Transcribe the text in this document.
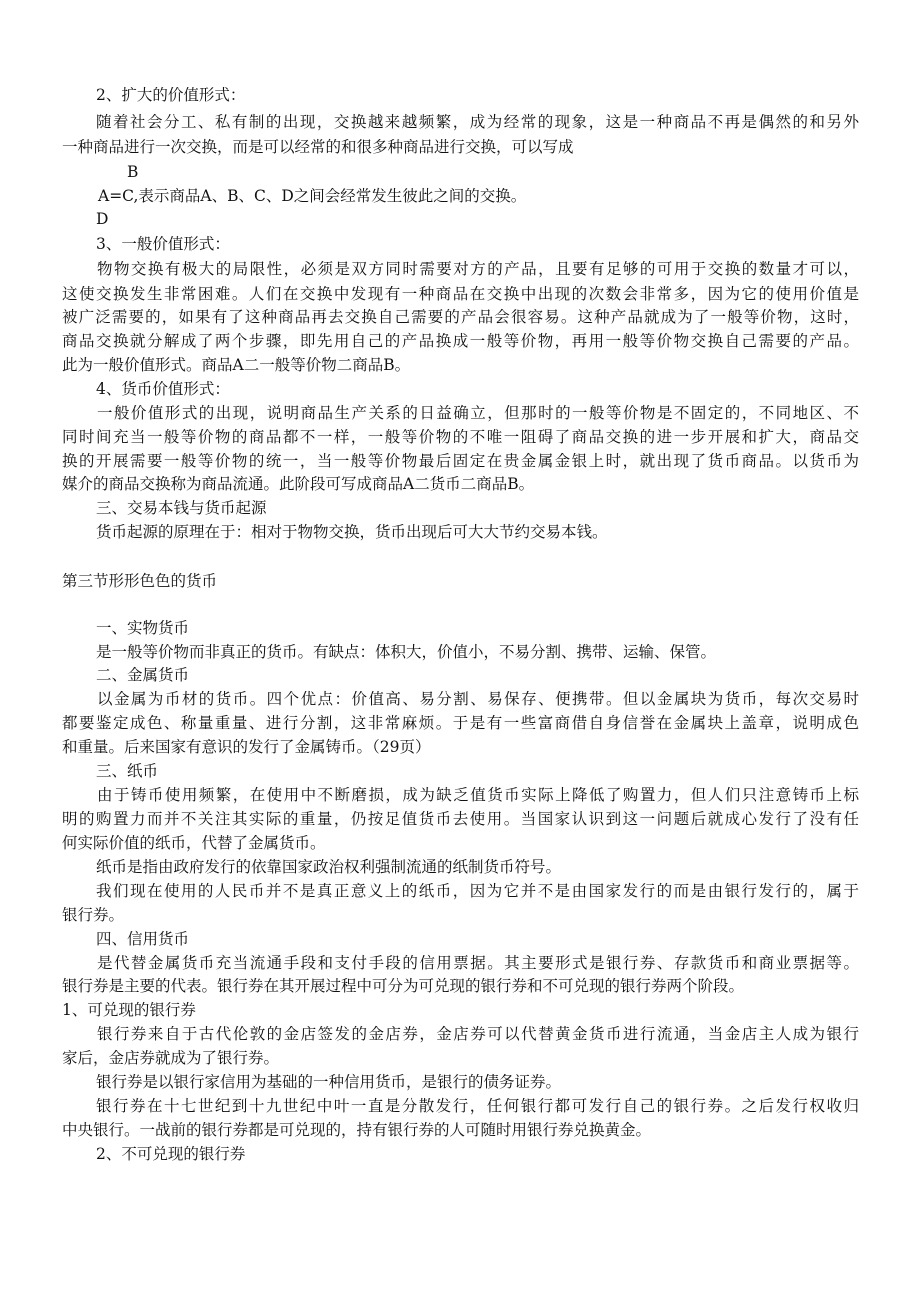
2、扩大的价值形式：
随着社会分工、私有制的出现，交换越来越频繁，成为经常的现象，这是一种商品不再是偶然的和另外
一种商品进行一次交换，而是可以经常的和很多种商品进行交换，可以写成
B
A=C,表示商品A、B、C、D之间会经常发生彼此之间的交换。
D
3、一般价值形式：
物物交换有极大的局限性，必须是双方同时需要对方的产品，且要有足够的可用于交换的数量才可以，
这使交换发生非常困难。人们在交换中发现有一种商品在交换中出现的次数会非常多，因为它的使用价值是
被广泛需要的，如果有了这种商品再去交换自己需要的产品会很容易。这种产品就成为了一般等价物，这时，
商品交换就分解成了两个步骤，即先用自己的产品换成一般等价物，再用一般等价物交换自己需要的产品。
此为一般价值形式。商品A二一般等价物二商品B。
4、货币价值形式：
一般价值形式的出现，说明商品生产关系的日益确立，但那时的一般等价物是不固定的，不同地区、不
同时间充当一般等价物的商品都不一样，一般等价物的不唯一阻碍了商品交换的进一步开展和扩大，商品交
换的开展需要一般等价物的统一，当一般等价物最后固定在贵金属金银上时，就出现了货币商品。以货币为
媒介的商品交换称为商品流通。此阶段可写成商品A二货币二商品B。
三、交易本钱与货币起源
货币起源的原理在于：相对于物物交换，货币出现后可大大节约交易本钱。
第三节形形色色的货币
一、实物货币
是一般等价物而非真正的货币。有缺点：体积大，价值小，不易分割、携带、运输、保管。
二、金属货币
以金属为币材的货币。四个优点：价值高、易分割、易保存、便携带。但以金属块为货币，每次交易时
都要鉴定成色、称量重量、进行分割，这非常麻烦。于是有一些富商借自身信誉在金属块上盖章，说明成色
和重量。后来国家有意识的发行了金属铸币。（29页）
三、纸币
由于铸币使用频繁，在使用中不断磨损，成为缺乏值货币实际上降低了购置力，但人们只注意铸币上标
明的购置力而并不关注其实际的重量，仍按足值货币去使用。当国家认识到这一问题后就成心发行了没有任
何实际价值的纸币，代替了金属货币。
纸币是指由政府发行的依靠国家政治权利强制流通的纸制货币符号。
我们现在使用的人民币并不是真正意义上的纸币，因为它并不是由国家发行的而是由银行发行的，属于
银行券。
四、信用货币
是代替金属货币充当流通手段和支付手段的信用票据。其主要形式是银行券、存款货币和商业票据等。
银行券是主要的代表。银行券在其开展过程中可分为可兑现的银行券和不可兑现的银行券两个阶段。
1、可兑现的银行券
银行券来自于古代伦敦的金店签发的金店券，金店券可以代替黄金货币进行流通，当金店主人成为银行
家后，金店券就成为了银行券。
银行券是以银行家信用为基础的一种信用货币，是银行的债务证券。
银行券在十七世纪到十九世纪中叶一直是分散发行，任何银行都可发行自己的银行券。之后发行权收归
中央银行。一战前的银行券都是可兑现的，持有银行券的人可随时用银行券兑换黄金。
2、不可兑现的银行券
